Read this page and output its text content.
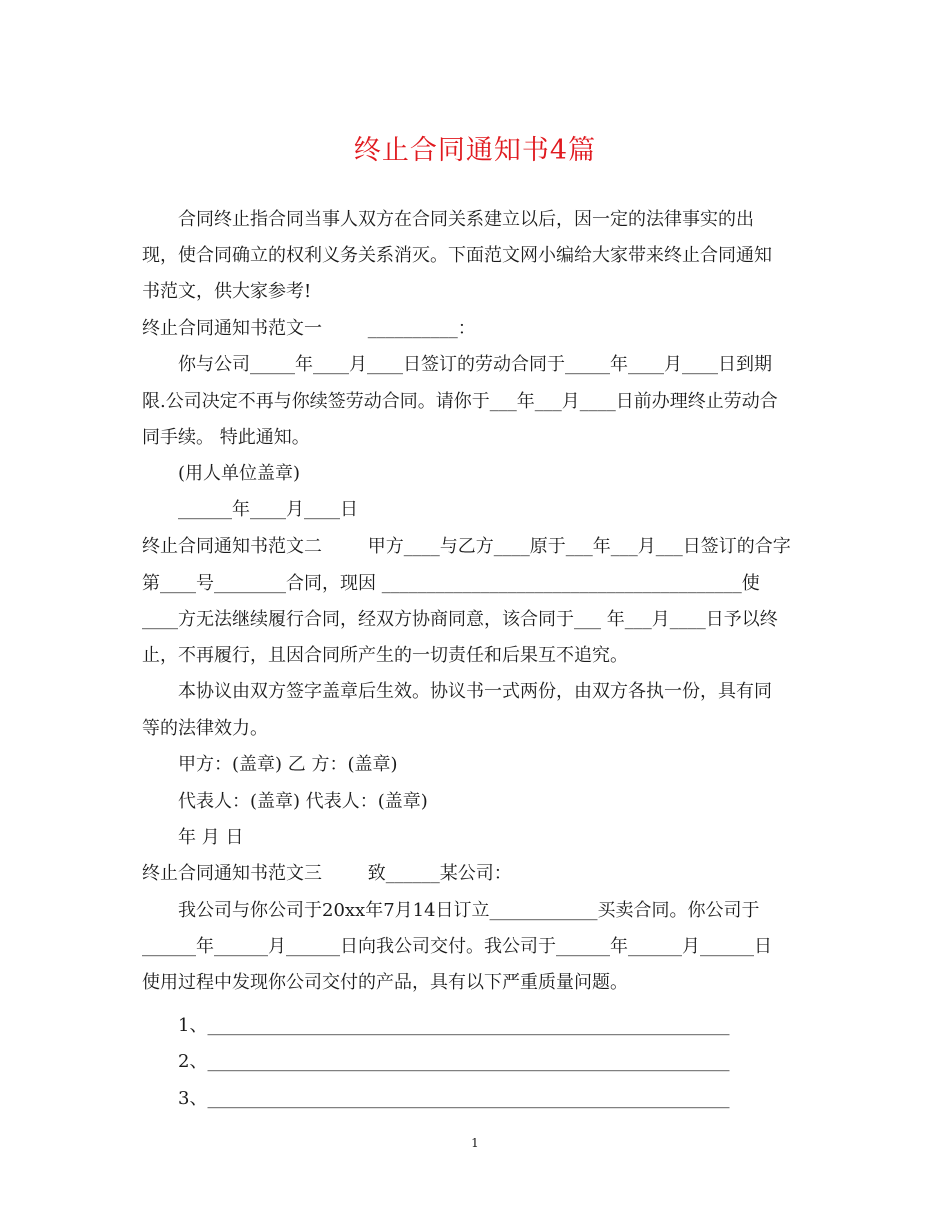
终止合同通知书4篇
合同终止指合同当事人双方在合同关系建立以后，因一定的法律事实的出
现，使合同确立的权利义务关系消灭。下面范文网小编给大家带来终止合同通知
书范文，供大家参考!
终止合同通知书范文一        __________：
你与公司_____年____月____日签订的劳动合同于_____年____月____日到期
限.公司决定不再与你续签劳动合同。请你于___年___月____日前办理终止劳动合
同手续。 特此通知。
(用人单位盖章)
______年____月____日
终止合同通知书范文二        甲方____与乙方____原于___年___月___日签订的合字
第____号________合同，现因 ________________________________________使
____方无法继续履行合同，经双方协商同意，该合同于___ 年___月____日予以终
止，不再履行，且因合同所产生的一切责任和后果互不追究。
本协议由双方签字盖章后生效。协议书一式两份，由双方各执一份，具有同
等的法律效力。
甲方：(盖章) 乙 方：(盖章)
代表人：(盖章) 代表人：(盖章)
年 月 日
终止合同通知书范文三        致______某公司：
我公司与你公司于20xx年7月14日订立____________买卖合同。你公司于
______年______月______日向我公司交付。我公司于______年______月______日
使用过程中发现你公司交付的产品，具有以下严重质量问题。
1、__________________________________________________________
2、__________________________________________________________
3、__________________________________________________________
1
